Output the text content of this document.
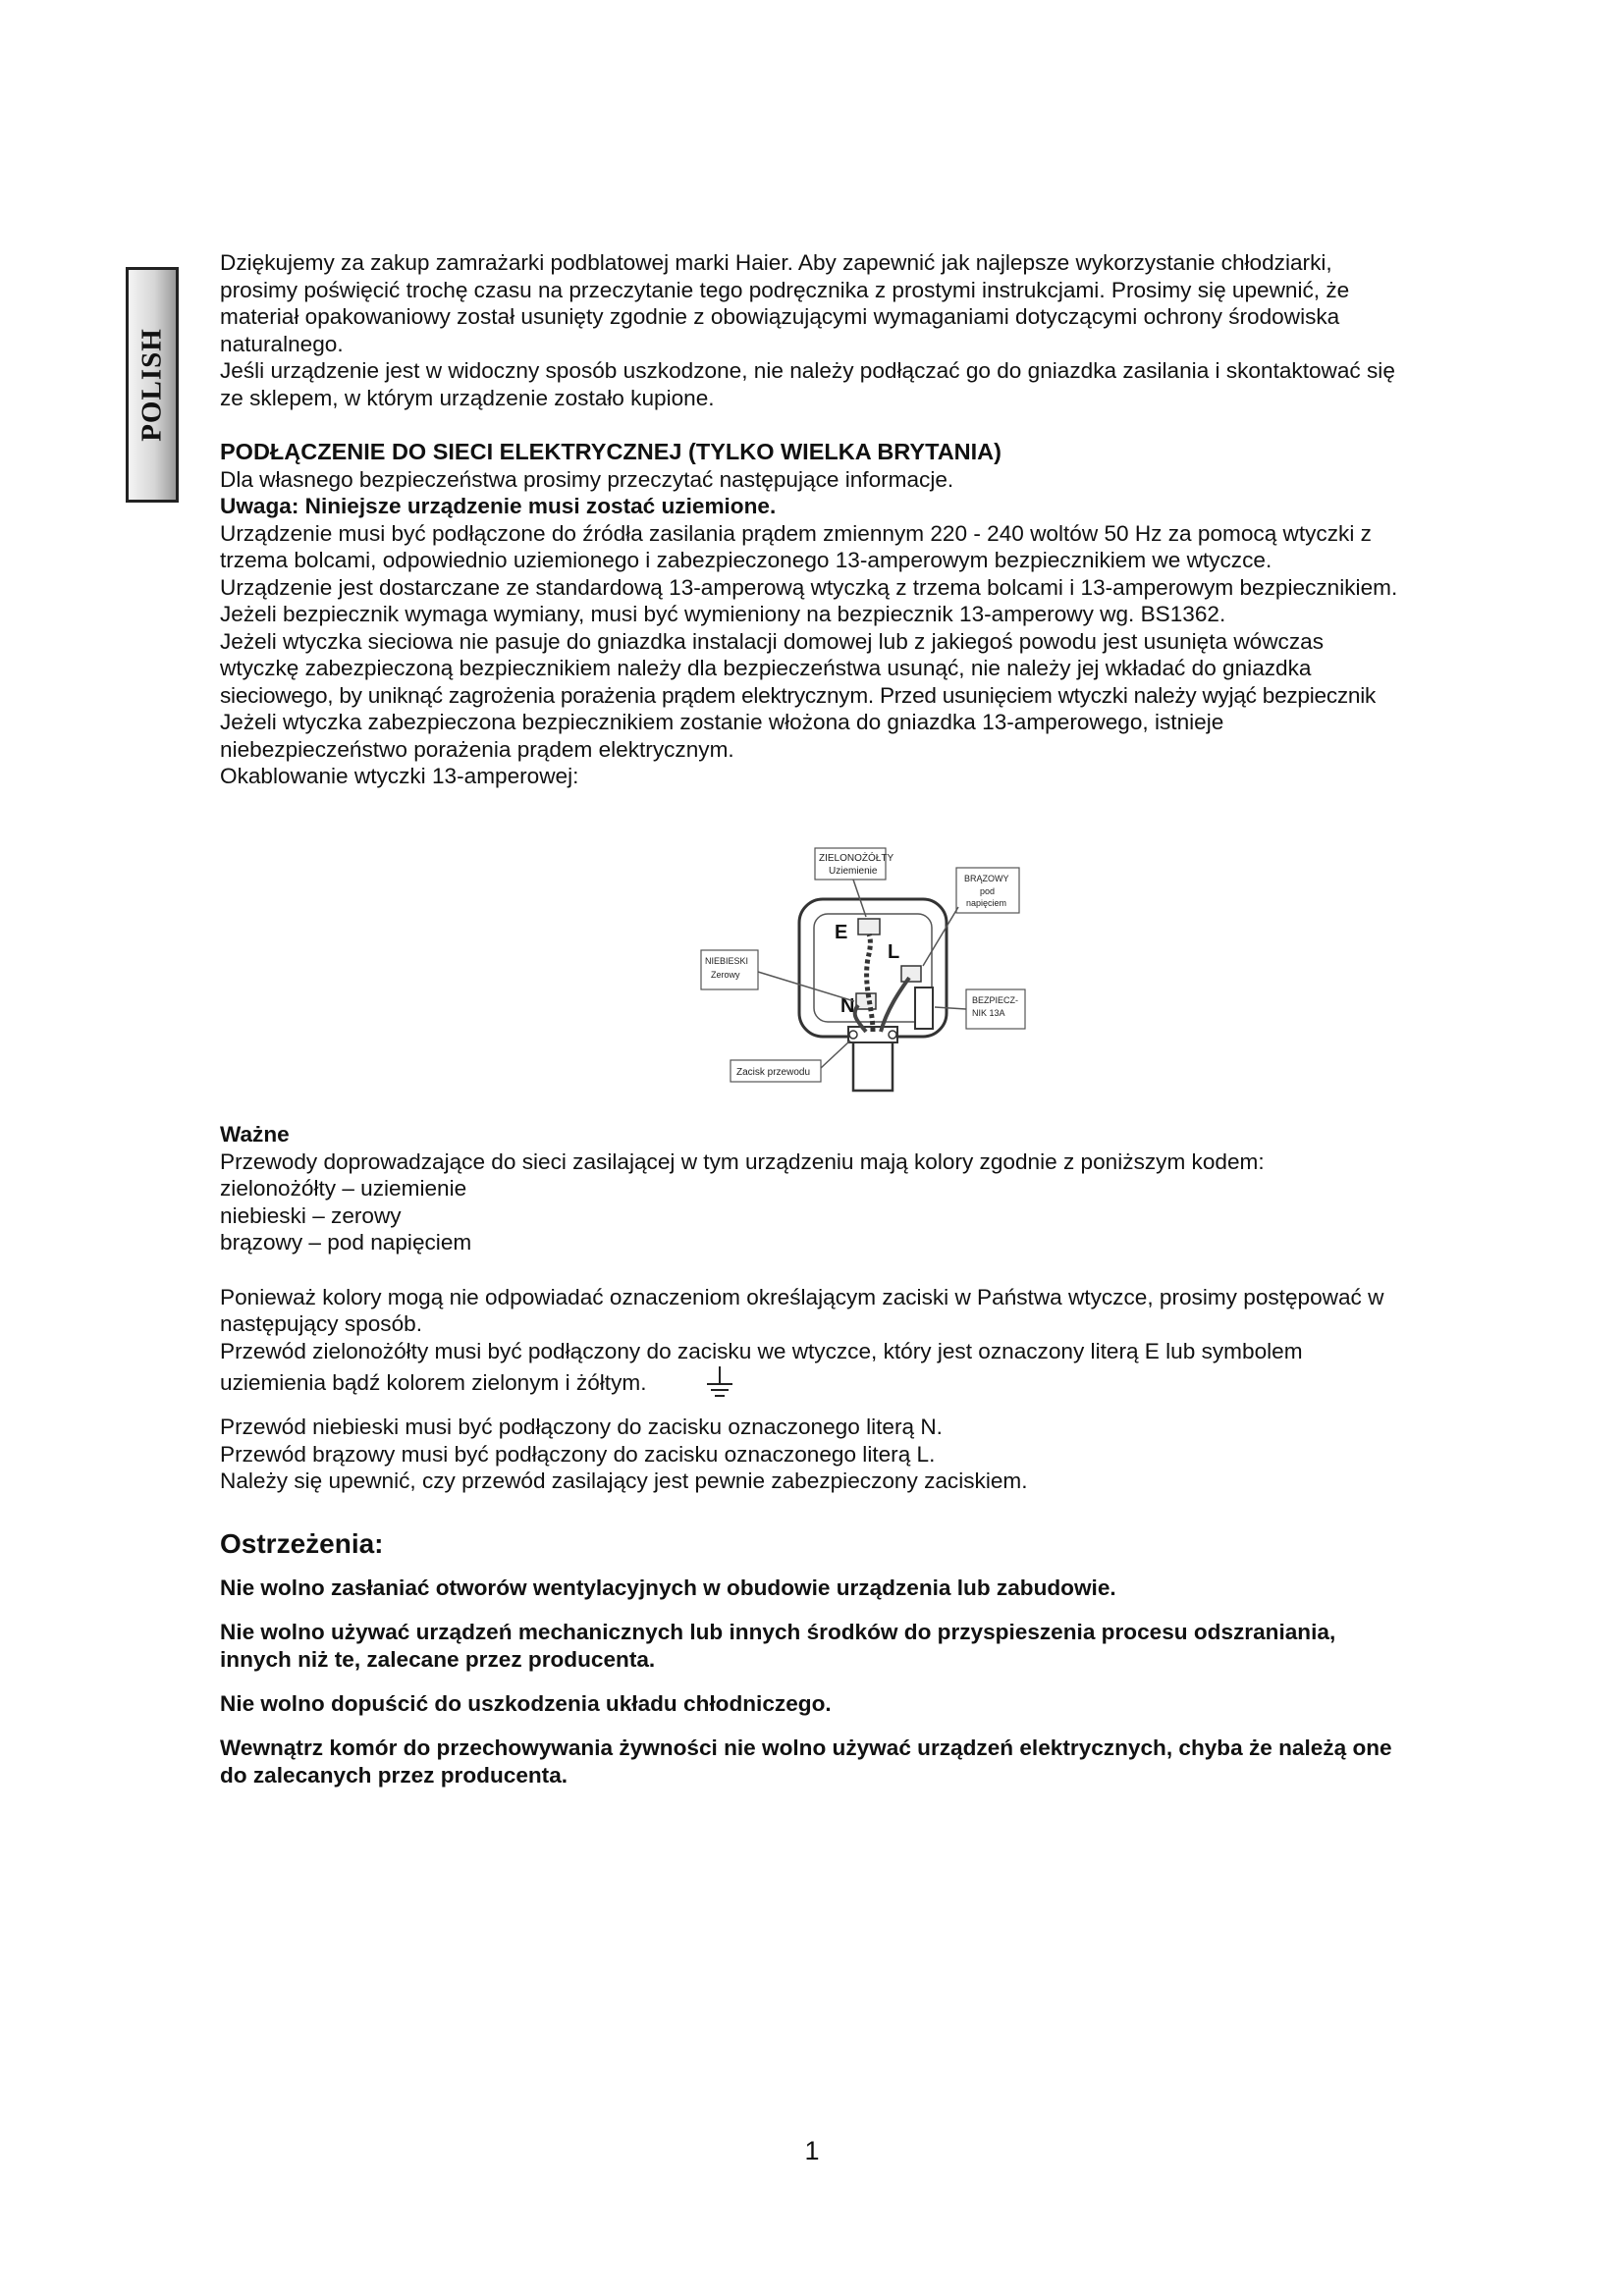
POLISH

Dziękujemy za zakup zamrażarki podblatowej marki Haier. Aby zapewnić jak najlepsze wykorzystanie chłodziarki,

prosimy poświęcić trochę czasu na przeczytanie tego podręcznika z prostymi instrukcjami. Prosimy się upewnić, że

materiał opakowaniowy został usunięty zgodnie z obowiązującymi wymaganiami dotyczącymi ochrony środowiska

naturalnego.

Jeśli urządzenie jest w widoczny sposób uszkodzone, nie należy podłączać go do gniazdka zasilania i skontaktować się

ze sklepem, w którym urządzenie zostało kupione.

PODŁĄCZENIE DO SIECI ELEKTRYCZNEJ (TYLKO WIELKA BRYTANIA)

Dla własnego bezpieczeństwa prosimy przeczytać następujące informacje.

Uwaga: Niniejsze urządzenie musi zostać uziemione.

Urządzenie musi być podłączone do źródła zasilania prądem zmiennym 220 - 240 woltów 50 Hz za pomocą wtyczki z

trzema bolcami, odpowiednio uziemionego i zabezpieczonego 13-amperowym bezpiecznikiem we wtyczce.

Urządzenie jest dostarczane ze standardową 13-amperową wtyczką z trzema bolcami i 13-amperowym bezpiecznikiem.

Jeżeli bezpiecznik wymaga wymiany, musi być wymieniony na bezpiecznik 13-amperowy wg. BS1362.

Jeżeli wtyczka sieciowa nie pasuje do gniazdka instalacji domowej lub z jakiegoś powodu jest usunięta wówczas

wtyczkę zabezpieczoną bezpiecznikiem należy dla bezpieczeństwa usunąć, nie należy jej wkładać do gniazdka

sieciowego, by uniknąć zagrożenia porażenia prądem elektrycznym. Przed usunięciem wtyczki należy wyjąć bezpiecznik

Jeżeli wtyczka zabezpieczona bezpiecznikiem zostanie włożona do gniazdka 13-amperowego, istnieje

niebezpieczeństwo porażenia prądem elektrycznym.

Okablowanie wtyczki 13-amperowej:

E
L
N
ZIELONOŻÓŁTY
Uziemienie
BRĄZOWY
pod
napięciem
NIEBIESKI
Zerowy
BEZPIECZ-
NIK 13A
Zacisk przewodu

Ważne

Przewody doprowadzające do sieci zasilającej w tym urządzeniu mają kolory zgodnie z poniższym kodem:

zielonożółty – uziemienie

niebieski – zerowy

brązowy – pod napięciem

Ponieważ kolory mogą nie odpowiadać oznaczeniom określającym zaciski w Państwa wtyczce, prosimy postępować w

następujący sposób.

Przewód zielonożółty musi być podłączony do zacisku we wtyczce, który jest oznaczony literą E lub symbolem

uziemienia bądź kolorem zielonym i żółtym.

Przewód niebieski musi być podłączony do zacisku oznaczonego literą N.

Przewód brązowy musi być podłączony do zacisku oznaczonego literą L.

Należy się upewnić, czy przewód zasilający jest pewnie zabezpieczony zaciskiem.

Ostrzeżenia:

Nie wolno zasłaniać otworów wentylacyjnych w obudowie urządzenia lub zabudowie.
Nie wolno używać urządzeń mechanicznych lub innych środków do przyspieszenia procesu odszraniania,
innych niż te, zalecane przez producenta.
Nie wolno dopuścić do uszkodzenia układu chłodniczego.
Wewnątrz komór do przechowywania żywności nie wolno używać urządzeń elektrycznych, chyba że należą one
do zalecanych przez producenta.
1
